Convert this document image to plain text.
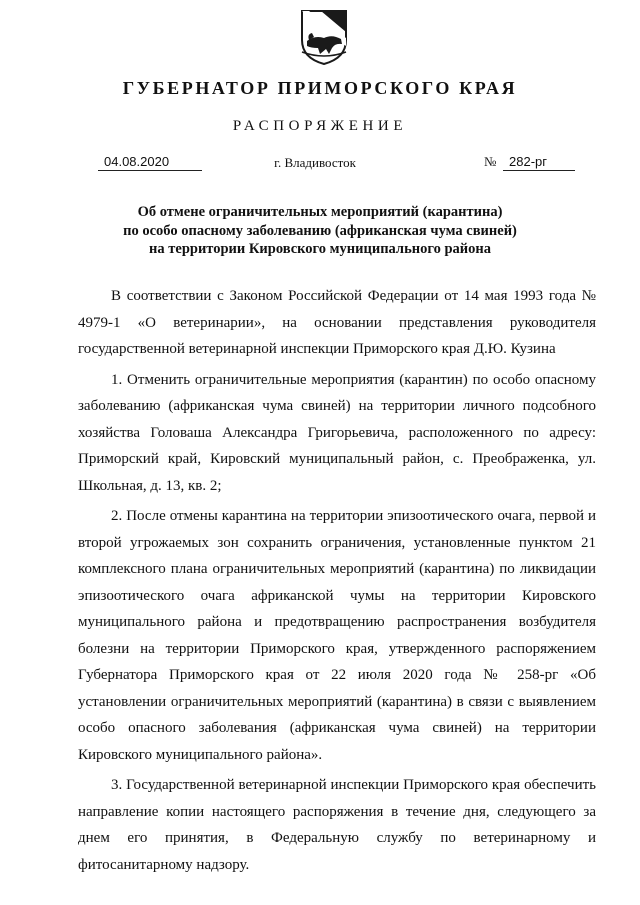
ГУБЕРНАТОР ПРИМОРСКОГО КРАЯ
РАСПОРЯЖЕНИЕ
04.08.2020	г. Владивосток	№ 282-рг
Об отмене ограничительных мероприятий (карантина)
по особо опасному заболеванию (африканская чума свиней)
на территории Кировского муниципального района

В соответствии с Законом Российской Федерации от 14 мая 1993 года № 4979-1 «О ветеринарии», на основании представления руководителя государственной ветеринарной инспекции Приморского края Д.Ю. Кузина

1. Отменить ограничительные мероприятия (карантин) по особо опасному заболеванию (африканская чума свиней) на территории личного подсобного хозяйства Головаша Александра Григорьевича, расположенного по адресу: Приморский край, Кировский муниципальный район, с. Преображенка, ул. Школьная, д. 13, кв. 2;

2. После отмены карантина на территории эпизоотического очага, первой и второй угрожаемых зон сохранить ограничения, установленные пунктом 21 комплексного плана ограничительных мероприятий (карантина) по ликвидации эпизоотического очага африканской чумы на территории Кировского муниципального района и предотвращению распространения возбудителя болезни на территории Приморского края, утвержденного распоряжением Губернатора Приморского края от 22 июля 2020 года № 258-рг «Об установлении ограничительных мероприятий (карантина) в связи с выявлением особо опасного заболевания (африканская чума свиней) на территории Кировского муниципального района».

3. Государственной ветеринарной инспекции Приморского края обеспечить направление копии настоящего распоряжения в течение дня, следующего за днем его принятия, в Федеральную службу по ветеринарному и фитосанитарному надзору.
